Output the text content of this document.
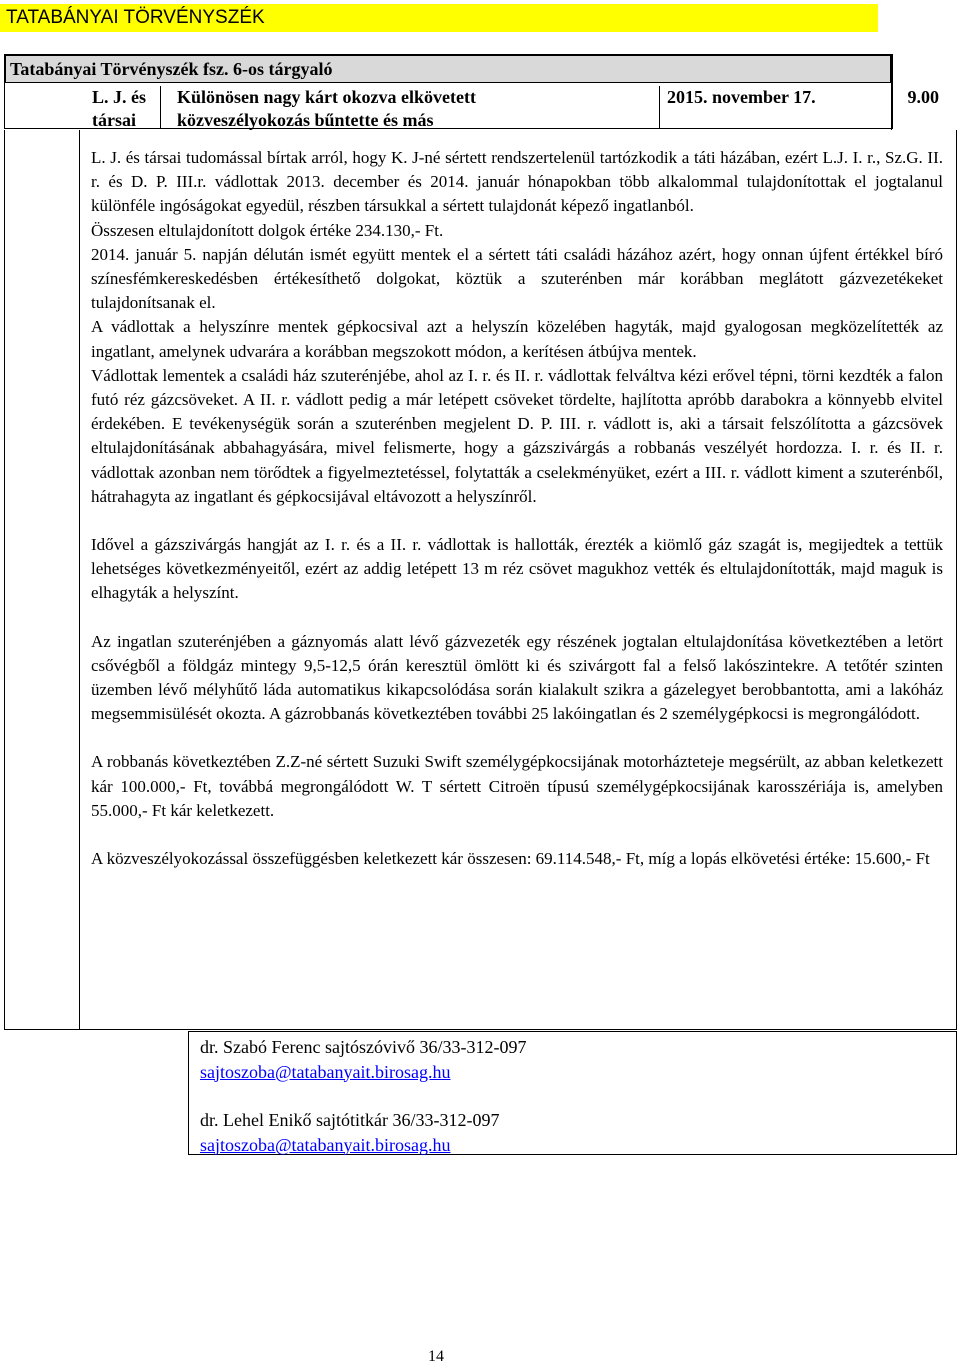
TATABÁNYAI TÖRVÉNYSZÉK
Tatabányai Törvényszék fsz. 6-os tárgyaló
L. J. és
társai
Különösen nagy kárt okozva elkövetett
közveszélyokozás bűntette és más
2015. november 17.	9.00

L. J. és társai tudomással bírtak arról, hogy K. J-né sértett rendszertelenül tartózkodik a táti házában, ezért L.J. I. r., Sz.G. II. r. és D. P. III.r. vádlottak 2013. december és 2014. január hónapokban több alkalommal tulajdonítottak el jogtalanul különféle ingóságokat egyedül, részben társukkal a sértett tulajdonát képező ingatlanból.

Összesen eltulajdonított dolgok értéke 234.130,- Ft.

2014. január 5. napján délután ismét együtt mentek el a sértett táti családi házához azért, hogy onnan újfent értékkel bíró színesfémkereskedésben értékesíthető dolgokat, köztük a szuterénben már korábban meglátott gázvezetékeket tulajdonítsanak el.

A vádlottak a helyszínre mentek gépkocsival azt a helyszín közelében hagyták, majd gyalogosan megközelítették az ingatlant, amelynek udvarára a korábban megszokott módon, a kerítésen átbújva mentek.

Vádlottak lementek a családi ház szuterénjébe, ahol az I. r. és II. r. vádlottak felváltva kézi erővel tépni, törni kezdték a falon futó réz gázcsöveket. A II. r. vádlott pedig a már letépett csöveket tördelte, hajlította apróbb darabokra a könnyebb elvitel érdekében. E tevékenységük során a szuterénben megjelent D. P. III. r. vádlott is, aki a társait felszólította a gázcsövek eltulajdonításának abbahagyására, mivel felismerte, hogy a gázszivárgás a robbanás veszélyét hordozza. I. r. és II. r. vádlottak azonban nem törődtek a figyelmeztetéssel, folytatták a cselekményüket, ezért a III. r. vádlott kiment a szuterénből, hátrahagyta az ingatlant és gépkocsijával eltávozott a helyszínről.

Idővel a gázszivárgás hangját az I. r. és a II. r. vádlottak is hallották, érezték a kiömlő gáz szagát is, megijedtek a tettük lehetséges következményeitől, ezért az addig letépett 13 m réz csövet magukhoz vették és eltulajdonították, majd maguk is elhagyták a helyszínt.

Az ingatlan szuterénjében a gáznyomás alatt lévő gázvezeték egy részének jogtalan eltulajdonítása következtében a letört csővégből a földgáz mintegy 9,5-12,5 órán keresztül ömlött ki és szivárgott fal a felső lakószintekre. A tetőtér szinten üzemben lévő mélyhűtő láda automatikus kikapcsolódása során kialakult szikra a gázelegyet berobbantotta, ami a lakóház megsemmisülését okozta. A gázrobbanás következtében további 25 lakóingatlan és 2 személygépkocsi is megrongálódott.

A robbanás következtében Z.Z-né sértett Suzuki Swift személygépkocsijának motorházteteje megsérült, az abban keletkezett kár 100.000,- Ft, továbbá megrongálódott W. T sértett Citroën típusú személygépkocsijának karosszériája is, amelyben 55.000,- Ft kár keletkezett.

A közveszélyokozással összefüggésben keletkezett kár összesen: 69.114.548,- Ft, míg a lopás elkövetési értéke: 15.600,- Ft

dr. Szabó Ferenc sajtószóvivő 36/33-312-097
sajtoszoba@tatabanyait.birosag.hu
dr. Lehel Enikő sajtótitkár 36/33-312-097
sajtoszoba@tatabanyait.birosag.hu
14
